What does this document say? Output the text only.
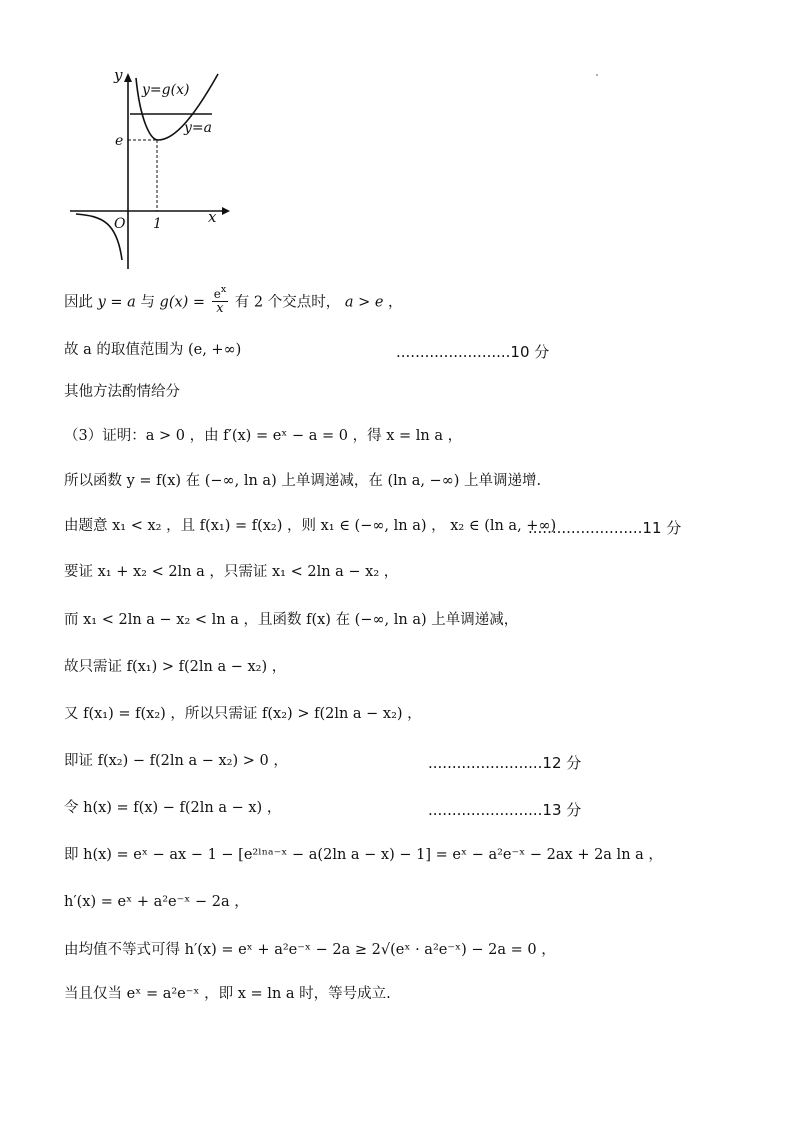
y
y=g(x)
y=a
e
O 1	x
因此 y = a 与 $g(x) = \frac{e^x}{x}$ 有 2 个交点时， a > e ，
故 a 的取值范围为 (e, +∞)	........................10 分
其他方法酌情给分
（3）证明：a > 0 ，由 f′(x) = eˣ − a = 0 ，得 x = ln a ，
所以函数 y = f(x) 在 (−∞, ln a) 上单调递减，在 (ln a, −∞) 上单调递增.
由题意 x₁ < x₂ ，且 f(x₁) = f(x₂) ，则 x₁ ∈ (−∞, ln a) ， x₂ ∈ (ln a, +∞)
........................11 分
要证 x₁ + x₂ < 2ln a ，只需证 x₁ < 2ln a − x₂ ，
而 x₁ < 2ln a − x₂ < ln a ，且函数 f(x) 在 (−∞, ln a) 上单调递减，
故只需证 f(x₁) > f(2ln a − x₂) ，
又 f(x₁) = f(x₂) ，所以只需证 f(x₂) > f(2ln a − x₂) ，
即证 f(x₂) − f(2ln a − x₂) > 0 ，	........................12 分
令 h(x) = f(x) − f(2ln a − x) ，	........................13 分
即 h(x) = eˣ − ax − 1 − [e²ˡⁿᵃ⁻ˣ − a(2ln a − x) − 1] = eˣ − a²e⁻ˣ − 2ax + 2a ln a ，
h′(x) = eˣ + a²e⁻ˣ − 2a ，
由均值不等式可得 h′(x) = eˣ + a²e⁻ˣ − 2a ≥ 2√(eˣ · a²e⁻ˣ) − 2a = 0 ，
当且仅当 eˣ = a²e⁻ˣ ，即 x = ln a 时，等号成立.
